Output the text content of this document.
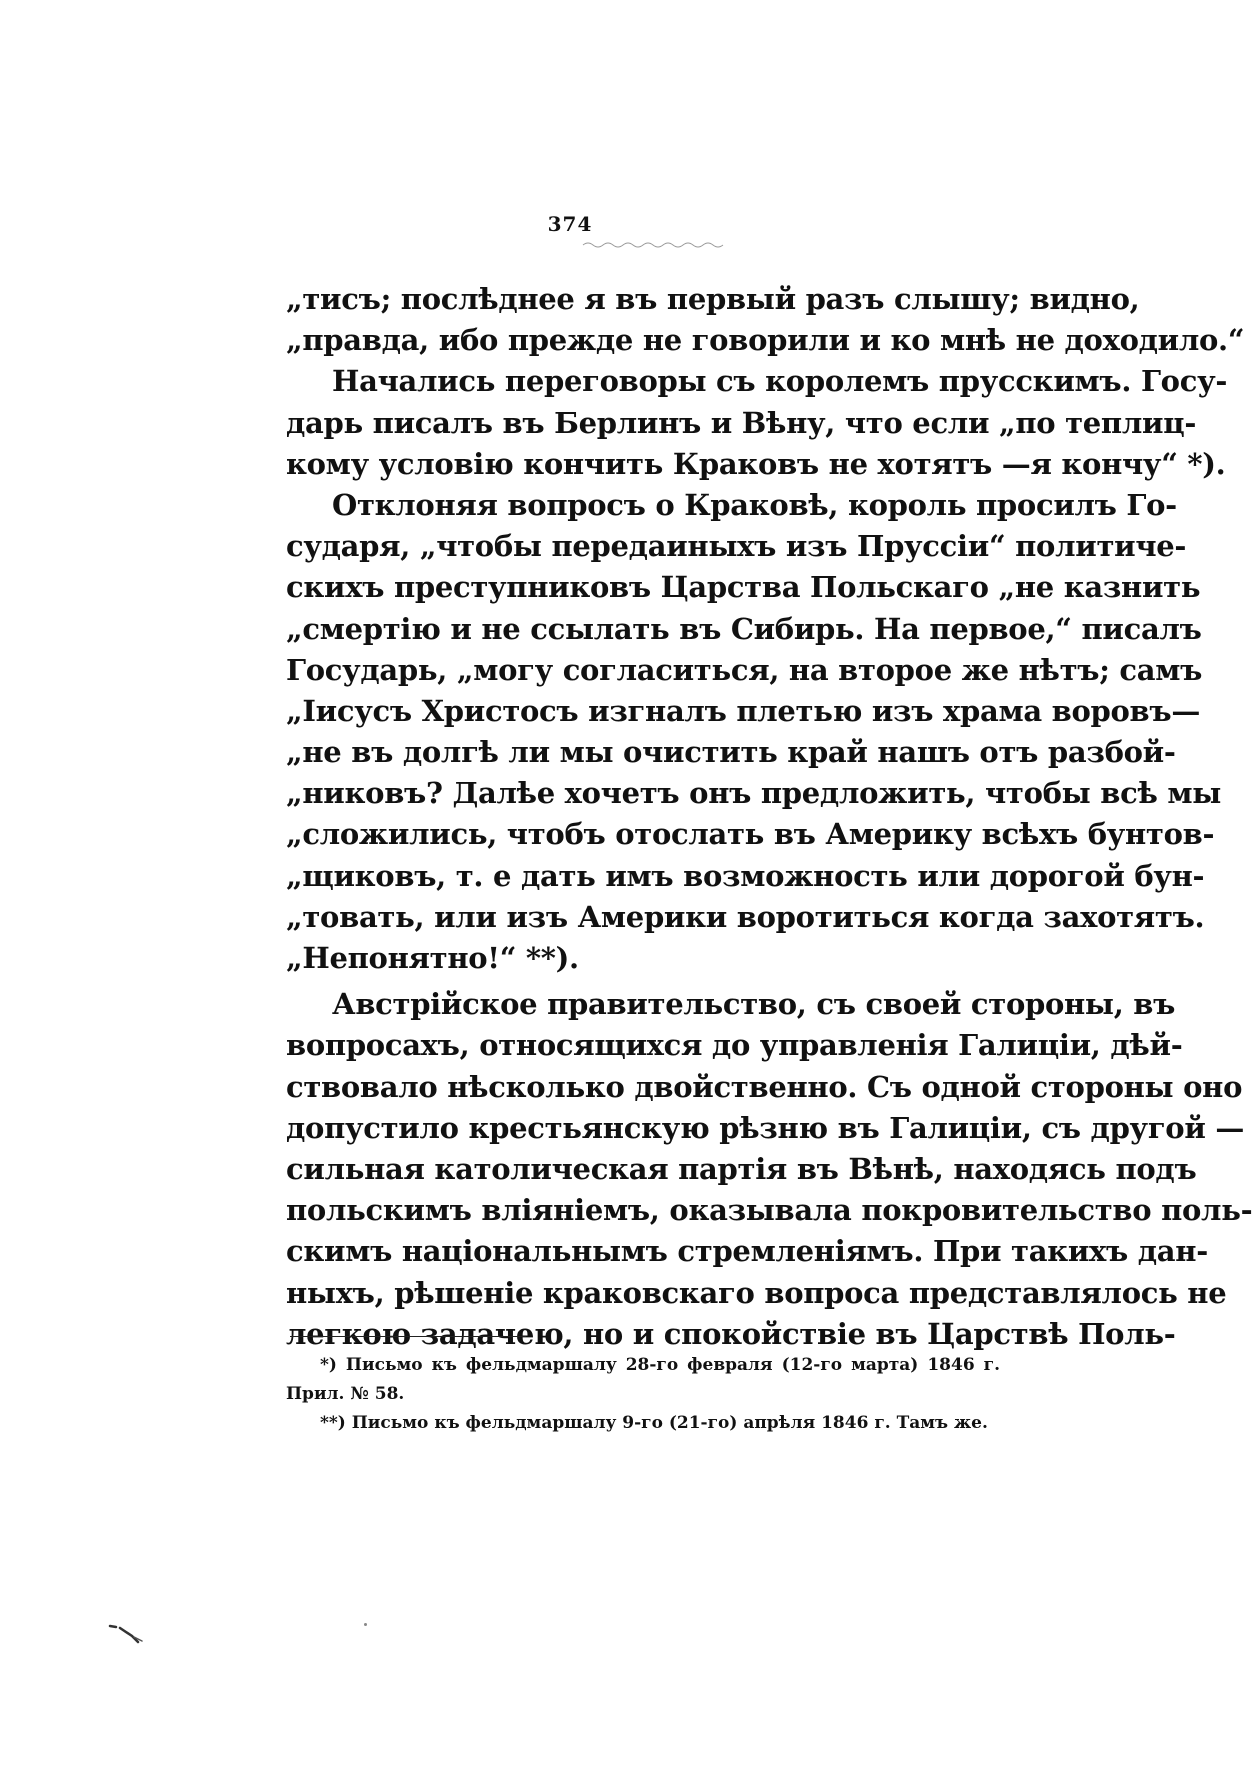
374
„тисъ; послѣднее я въ первый разъ слышу; видно,
„правда, ибо прежде не говорили и ко мнѣ не доходило.“
Начались переговоры съ королемъ прусскимъ. Госу-
дарь писалъ въ Берлинъ и Вѣну, что если „по теплиц-
кому условію кончить Краковъ не хотятъ —я кончу“ *).
Отклоняя вопросъ о Краковѣ, король просилъ Го-
сударя, „чтобы передаиныхъ изъ Пруссіи“ политиче-
скихъ преступниковъ Царства Польскаго „не казнить
„смертію и не ссылать въ Сибирь. На первое,“ писалъ
Государь, „могу согласиться, на второе же нѣтъ; самъ
„Іисусъ Христосъ изгналъ плетью изъ храма воровъ—
„не въ долгѣ ли мы очистить край нашъ отъ разбой-
„никовъ? Далѣе хочетъ онъ предложить, чтобы всѣ мы
„сложились, чтобъ отослать въ Америку всѣхъ бунтов-
„щиковъ, т. е дать имъ возможность или дорогой бун-
„товать, или изъ Америки воротиться когда захотятъ.
„Непонятно!“ **).
Австрійское правительство, съ своей стороны, въ
вопросахъ, относящихся до управленія Галиціи, дѣй-
ствовало нѣсколько двойственно. Съ одной стороны оно
допустило крестьянскую рѣзню въ Галиціи, съ другой —
сильная католическая партія въ Вѣнѣ, находясь подъ
польскимъ вліяніемъ, оказывала покровительство поль-
скимъ національнымъ стремленіямъ. При такихъ дан-
ныхъ, рѣшеніе краковскаго вопроса представлялось не
легкою задачею, но и спокойствіе въ Царствѣ Поль-
*) Письмо къ фельдмаршалу 28-го февраля (12-го марта) 1846 г.
Прил. № 58.
**) Письмо къ фельдмаршалу 9-го (21-го) апрѣля 1846 г. Тамъ же.
